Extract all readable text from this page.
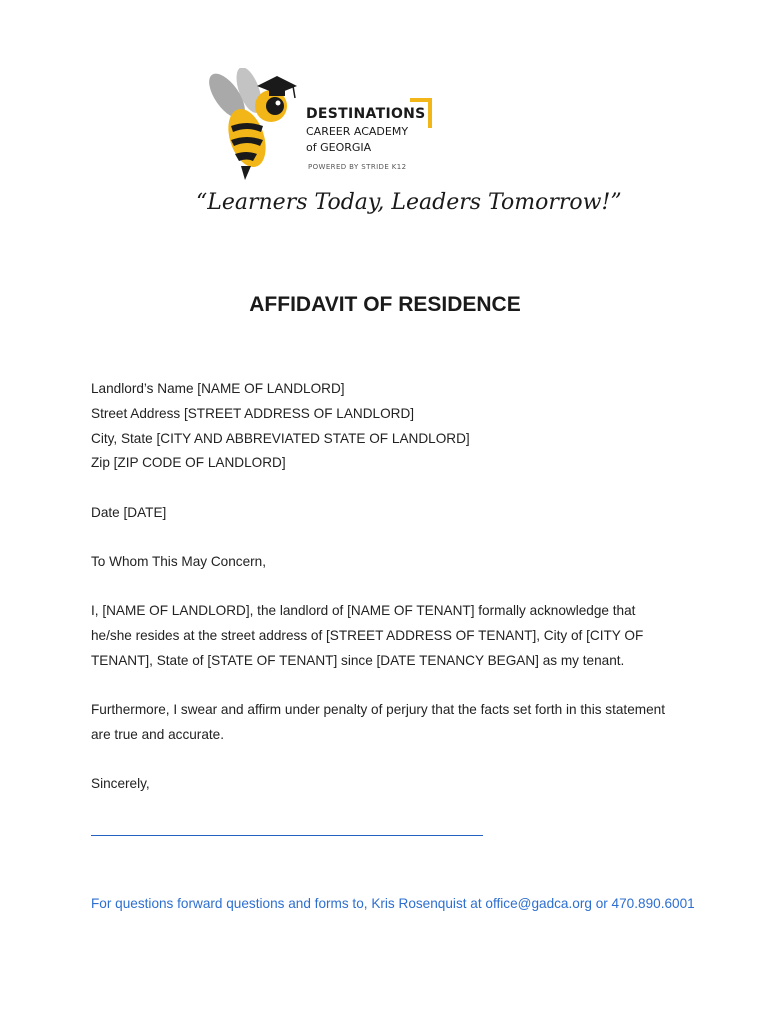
DESTINATIONS
CAREER ACADEMY
of GEORGIA
POWERED BY STRIDE K12
“Learners Today, Leaders Tomorrow!”
AFFIDAVIT OF RESIDENCE
Landlord’s Name [NAME OF LANDLORD]
Street Address [STREET ADDRESS OF LANDLORD]
City, State [CITY AND ABBREVIATED STATE OF LANDLORD]
Zip [ZIP CODE OF LANDLORD]
Date [DATE]
To Whom This May Concern,
I, [NAME OF LANDLORD], the landlord of [NAME OF TENANT] formally acknowledge that
he/she resides at the street address of [STREET ADDRESS OF TENANT], City of [CITY OF
TENANT], State of [STATE OF TENANT] since [DATE TENANCY BEGAN] as my tenant.
Furthermore, I swear and affirm under penalty of perjury that the facts set forth in this statement
are true and accurate.
Sincerely,
For questions forward questions and forms to, Kris Rosenquist at office@gadca.org or 470.890.6001
